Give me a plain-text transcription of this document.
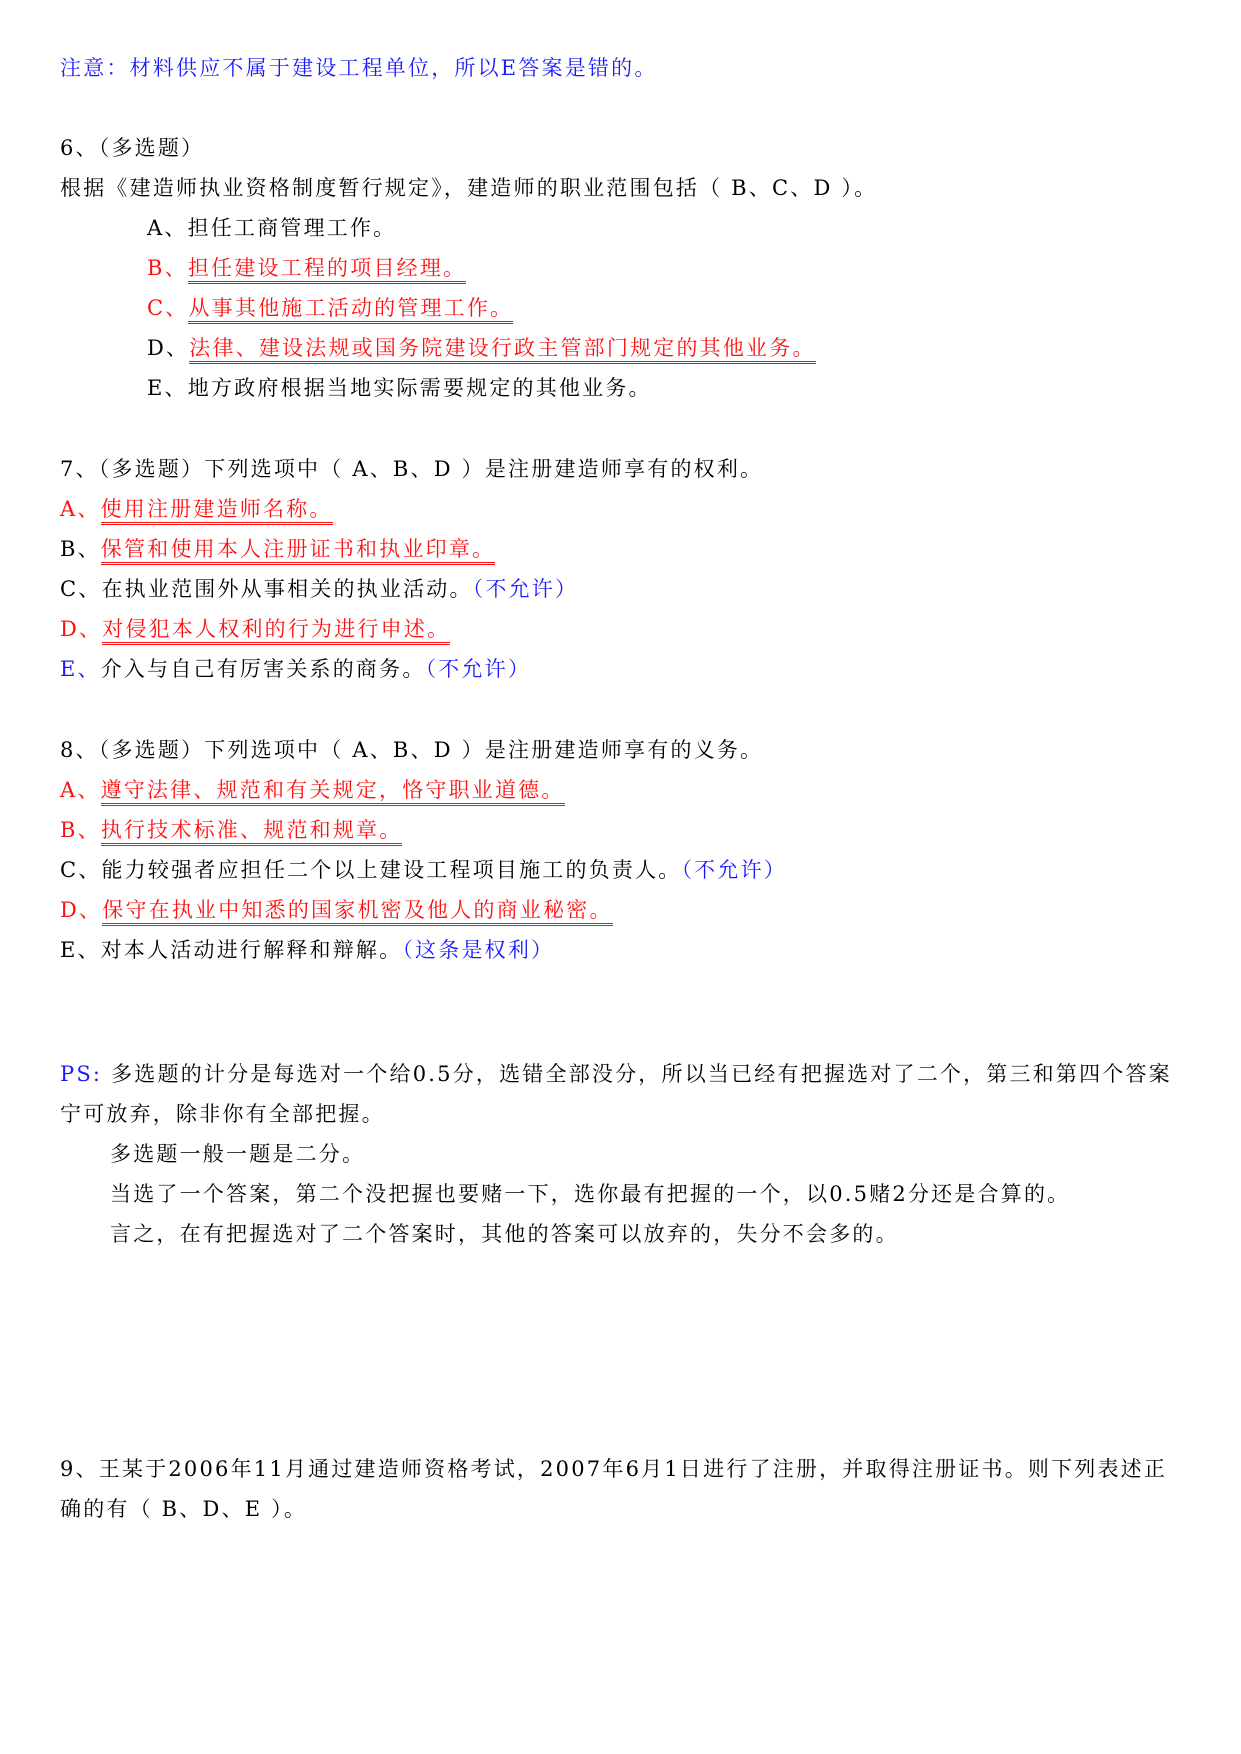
注意：材料供应不属于建设工程单位，所以E答案是错的。
6、（多选题）
根据《建造师执业资格制度暂行规定》，建造师的职业范围包括（ B、C、D ）。
A、担任工商管理工作。
B、担任建设工程的项目经理。
C、从事其他施工活动的管理工作。
D、法律、建设法规或国务院建设行政主管部门规定的其他业务。
E、地方政府根据当地实际需要规定的其他业务。
7、（多选题）下列选项中（ A、B、D ）是注册建造师享有的权利。
A、使用注册建造师名称。
B、保管和使用本人注册证书和执业印章。
C、在执业范围外从事相关的执业活动。（不允许）
D、对侵犯本人权利的行为进行申述。
E、介入与自己有厉害关系的商务。（不允许）
8、（多选题）下列选项中（ A、B、D ）是注册建造师享有的义务。
A、遵守法律、规范和有关规定，恪守职业道德。
B、执行技术标准、规范和规章。
C、能力较强者应担任二个以上建设工程项目施工的负责人。（不允许）
D、保守在执业中知悉的国家机密及他人的商业秘密。
E、对本人活动进行解释和辩解。（这条是权利）
PS: 多选题的计分是每选对一个给0.5分，选错全部没分，所以当已经有把握选对了二个，第三和第四个答案宁可放弃，除非你有全部把握。
多选题一般一题是二分。
当选了一个答案，第二个没把握也要赌一下，选你最有把握的一个，以0.5赌2分还是合算的。
言之，在有把握选对了二个答案时，其他的答案可以放弃的，失分不会多的。
9、王某于2006年11月通过建造师资格考试，2007年6月1日进行了注册，并取得注册证书。则下列表述正确的有（ B、D、E ）。
